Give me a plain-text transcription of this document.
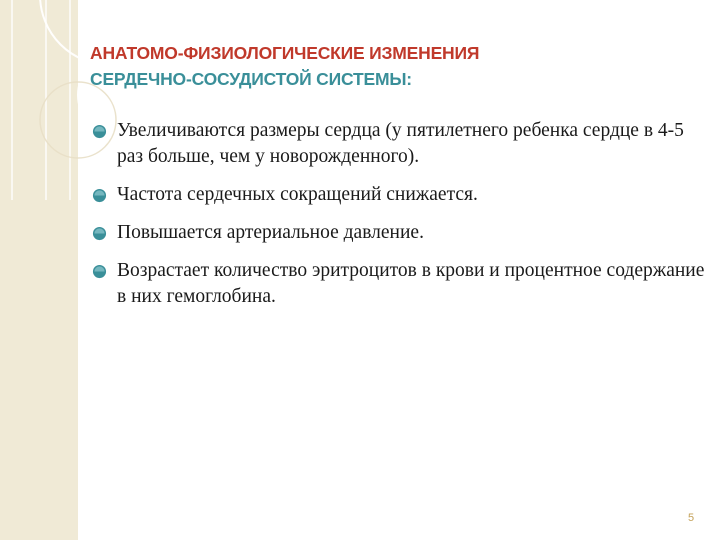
АНАТОМО-ФИЗИОЛОГИЧЕСКИЕ ИЗМЕНЕНИЯ
СЕРДЕЧНО-СОСУДИСТОЙ СИСТЕМЫ:
Увеличиваются размеры сердца (у пятилетнего ребенка сердце в 4-5 раз больше, чем у новорожденного).
Частота сердечных сокращений снижается.
Повышается артериальное давление.
Возрастает количество эритроцитов в крови и процентное содержание в них гемоглобина.
5
